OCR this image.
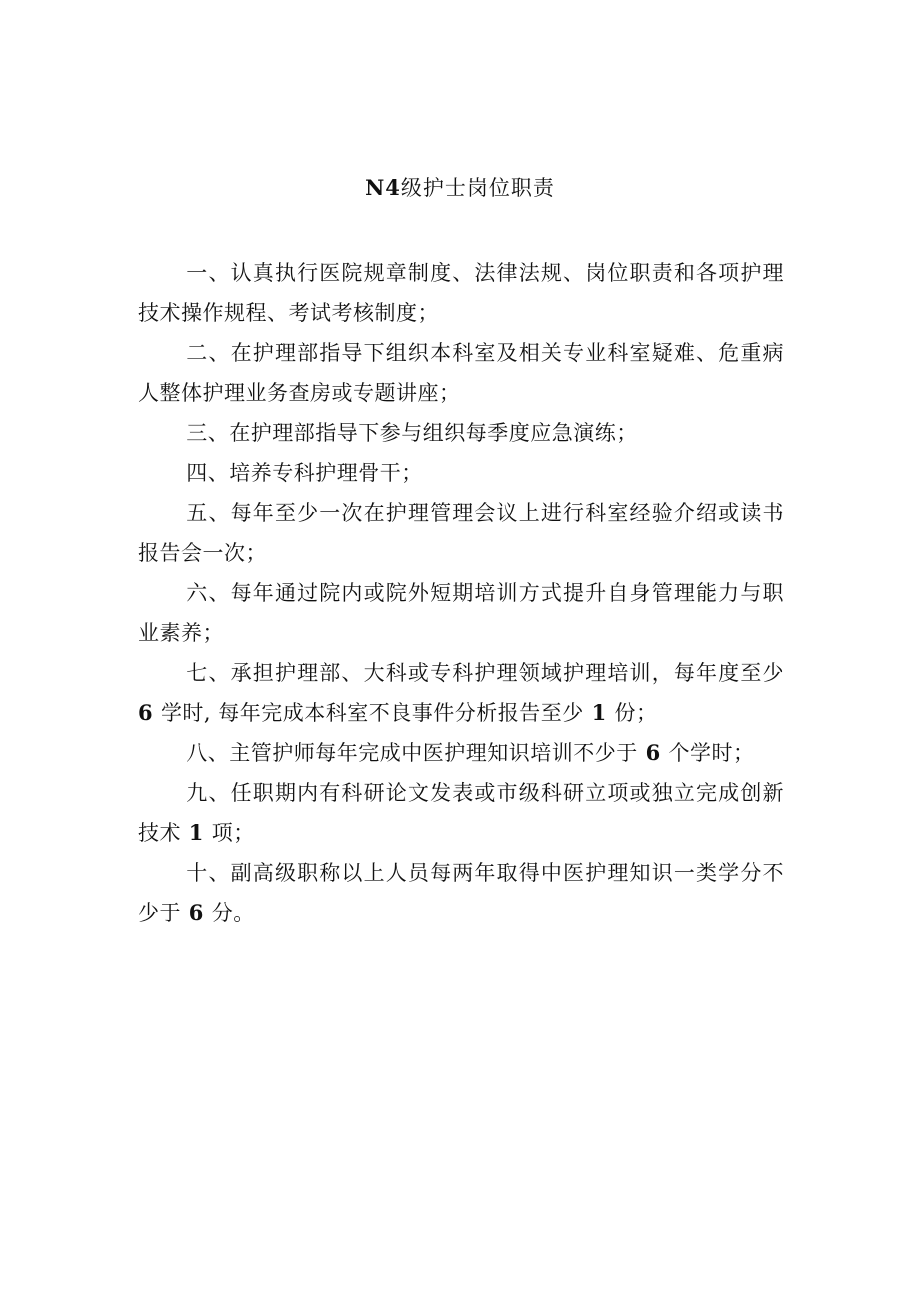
N4级护士岗位职责

一、认真执行医院规章制度、法律法规、岗位职责和各项护理技术操作规程、考试考核制度；

二、在护理部指导下组织本科室及相关专业科室疑难、危重病人整体护理业务查房或专题讲座；

三、在护理部指导下参与组织每季度应急演练；

四、培养专科护理骨干；

五、每年至少一次在护理管理会议上进行科室经验介绍或读书报告会一次；

六、每年通过院内或院外短期培训方式提升自身管理能力与职业素养；

七、承担护理部、大科或专科护理领域护理培训，每年度至少 6 学时, 每年完成本科室不良事件分析报告至少 1 份；

八、主管护师每年完成中医护理知识培训不少于 6 个学时；

九、任职期内有科研论文发表或市级科研立项或独立完成创新技术 1 项；

十、副高级职称以上人员每两年取得中医护理知识一类学分不少于 6 分。
